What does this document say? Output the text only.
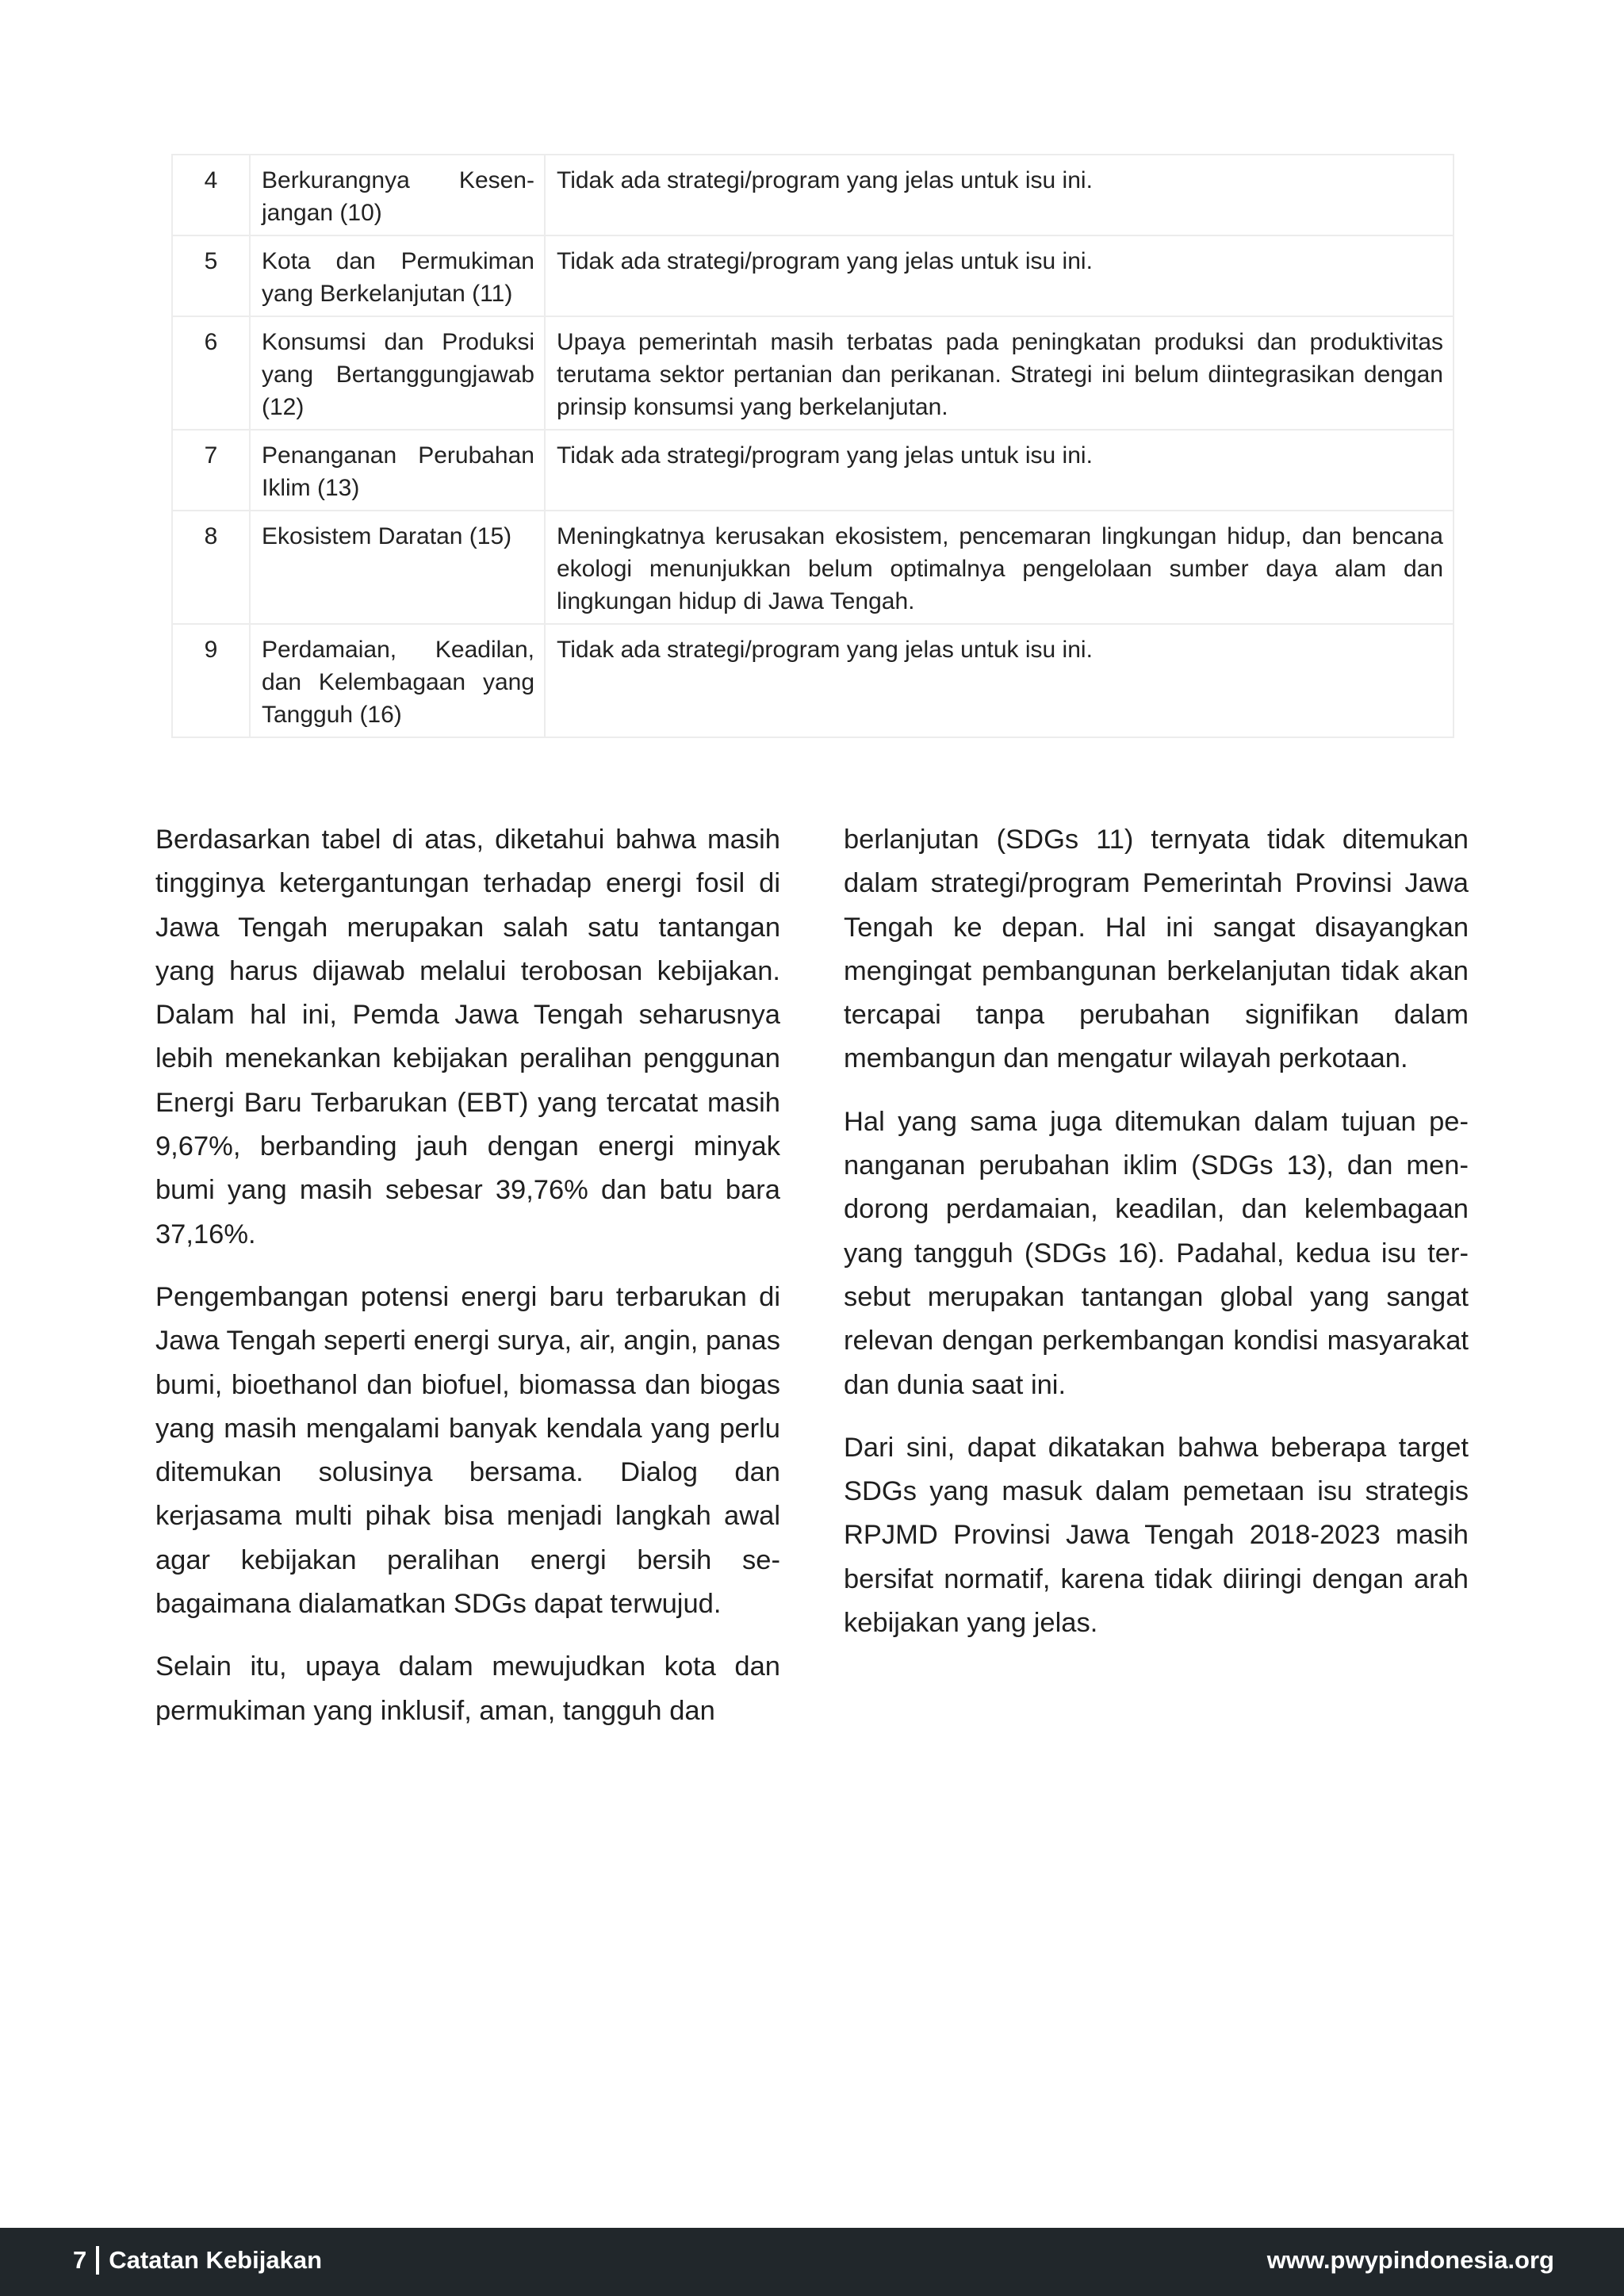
4	Berkurangnya Kesenjangan (10)	Tidak ada strategi/program yang jelas untuk isu ini.
5	Kota dan Permukiman yang Berkelanjutan (11)	Tidak ada strategi/program yang jelas untuk isu ini.
6	Konsumsi dan Produksi yang Bertanggungjawab (12)	Upaya pemerintah masih terbatas pada peningkatan produksi dan produktivitas terutama sektor pertanian dan perikanan. Strategi ini belum diintegrasikan dengan prinsip konsumsi yang berkelanjutan.
7	Penanganan Perubahan Iklim (13)	Tidak ada strategi/program yang jelas untuk isu ini.
8	Ekosistem Daratan (15)	Meningkatnya kerusakan ekosistem, pencemaran lingkungan hidup, dan bencana ekologi menunjukkan belum optimalnya pengelolaan sumber daya alam dan lingkungan hidup di Jawa Tengah.
9	Perdamaian, Keadilan, dan Kelembagaan yang Tangguh (16)	Tidak ada strategi/program yang jelas untuk isu ini.

Berdasarkan tabel di atas, diketahui bahwa masih tingginya ketergantungan terhadap energi fosil di Jawa Tengah merupakan salah satu tantangan yang harus dijawab melalui terobosan kebijakan. Dalam hal ini, Pemda Jawa Tengah seharusnya lebih menekankan kebijakan peralihan penggunan Energi Baru Terbarukan (EBT) yang tercatat masih 9,67%, berbanding jauh dengan energi minyak bumi yang masih sebesar 39,76% dan batu bara 37,16%.

Pengembangan potensi energi baru terbarukan di Jawa Tengah seperti energi surya, air, angin, panas bumi, bioethanol dan biofuel, biomassa dan biogas yang masih mengalami banyak kendala yang perlu ditemukan solusinya bersama. Dialog dan kerjasama multi pihak bisa menjadi langkah awal agar kebijakan peralihan energi bersih sebagaimana dialamatkan SDGs dapat terwujud.

Selain itu, upaya dalam mewujudkan kota dan permukiman yang inklusif, aman, tangguh dan

berlanjutan (SDGs 11) ternyata tidak ditemukan dalam strategi/program Pemerintah Provinsi Jawa Tengah ke depan. Hal ini sangat disayangkan mengingat pembangunan berkelanjutan tidak akan tercapai tanpa perubahan signifikan dalam membangun dan mengatur wilayah perkotaan.

Hal yang sama juga ditemukan dalam tujuan penanganan perubahan iklim (SDGs 13), dan mendorong perdamaian, keadilan, dan kelembagaan yang tangguh (SDGs 16). Padahal, kedua isu tersebut merupakan tantangan global yang sangat relevan dengan perkembangan kondisi masyarakat dan dunia saat ini.

Dari sini, dapat dikatakan bahwa beberapa target SDGs yang masuk dalam pemetaan isu strategis RPJMD Provinsi Jawa Tengah 2018-2023 masih bersifat normatif, karena tidak diiringi dengan arah kebijakan yang jelas.

7 Catatan Kebijakan	www.pwypindonesia.org
